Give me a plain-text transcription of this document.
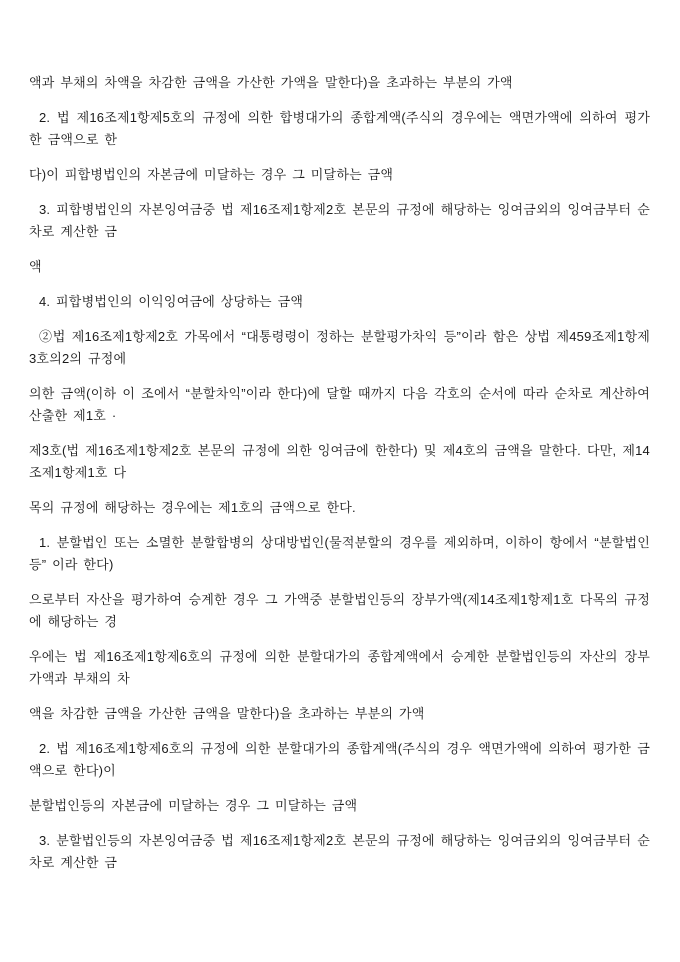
액과 부채의 차액을 차감한 금액을 가산한 가액을 말한다)을 초과하는 부분의 가액

2. 법 제16조제1항제5호의 규정에 의한 합병대가의 종합계액(주식의 경우에는 액면가액에 의하여 평가한 금액으로 한

다)이 피합병법인의 자본금에 미달하는 경우 그 미달하는 금액

3. 피합병법인의 자본잉여금중 법 제16조제1항제2호 본문의 규정에 해당하는 잉여금외의 잉여금부터 순차로 계산한 금

액

4. 피합병법인의 이익잉여금에 상당하는 금액

②법 제16조제1항제2호 가목에서 “대통령령이 정하는 분할평가차익 등”이라 함은 상법 제459조제1항제3호의2의 규정에

의한 금액(이하 이 조에서 “분할차익”이라 한다)에 달할 때까지 다음 각호의 순서에 따라 순차로 계산하여 산출한 제1호 ·

제3호(법 제16조제1항제2호 본문의 규정에 의한 잉여금에 한한다) 및 제4호의 금액을 말한다. 다만, 제14조제1항제1호 다

목의 규정에 해당하는 경우에는 제1호의 금액으로 한다.

1. 분할법인 또는 소멸한 분할합병의 상대방법인(물적분할의 경우를 제외하며, 이하이 항에서 “분할법인등” 이라 한다)

으로부터 자산을 평가하여 승계한 경우 그 가액중 분할법인등의 장부가액(제14조제1항제1호 다목의 규정에 해당하는 경

우에는 법 제16조제1항제6호의 규정에 의한 분할대가의 종합계액에서 승계한 분할법인등의 자산의 장부가액과 부채의 차

액을 차감한 금액을 가산한 금액을 말한다)을 초과하는 부분의 가액

2. 법 제16조제1항제6호의 규정에 의한 분할대가의 종합계액(주식의 경우 액면가액에 의하여 평가한 금액으로 한다)이

분할법인등의 자본금에 미달하는 경우 그 미달하는 금액

3. 분할법인등의 자본잉여금중 법 제16조제1항제2호 본문의 규정에 해당하는 잉여금외의 잉여금부터 순차로 계산한 금
